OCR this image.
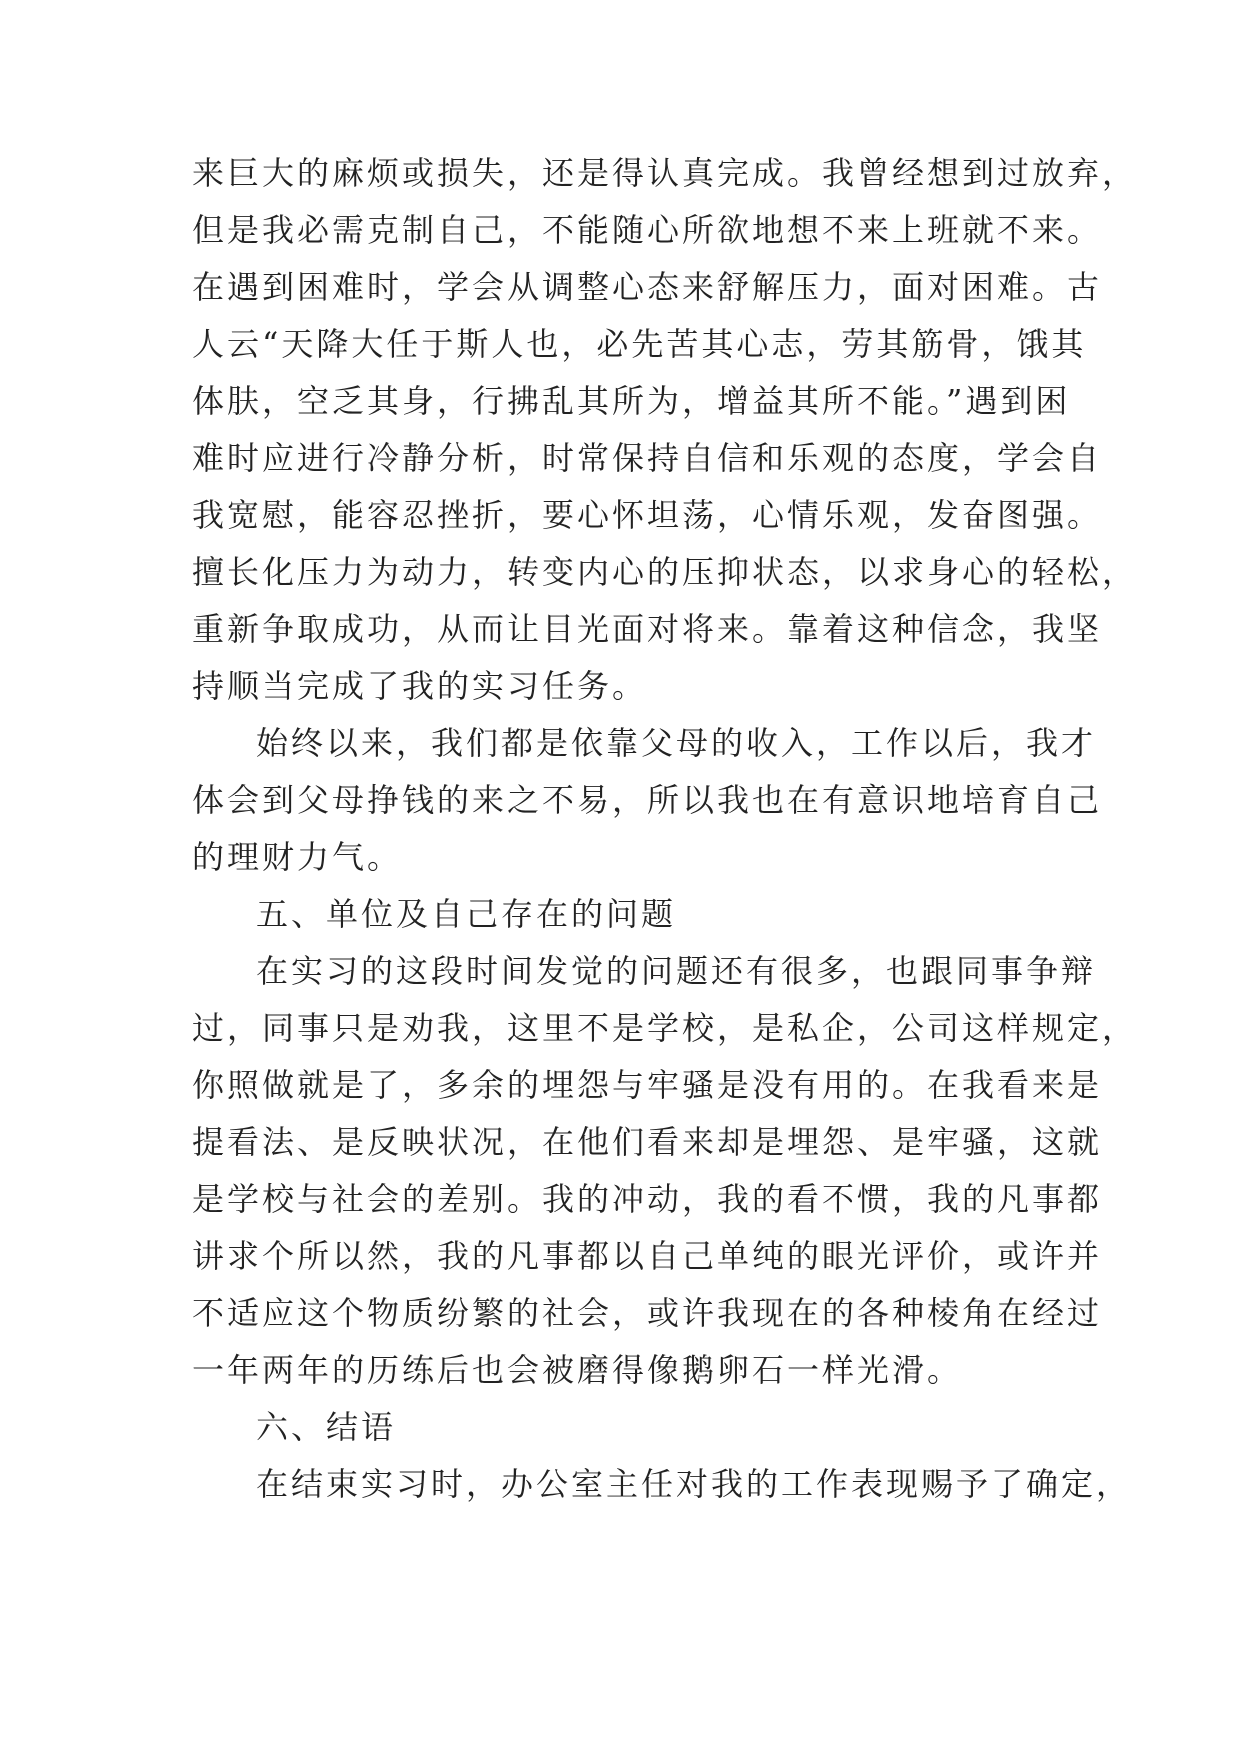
来巨大的麻烦或损失，还是得认真完成。我曾经想到过放弃，
但是我必需克制自己，不能随心所欲地想不来上班就不来。
在遇到困难时，学会从调整心态来舒解压力，面对困难。古
人云“天降大任于斯人也，必先苦其心志，劳其筋骨，饿其
体肤，空乏其身，行拂乱其所为，增益其所不能。”遇到困
难时应进行冷静分析，时常保持自信和乐观的态度，学会自
我宽慰，能容忍挫折，要心怀坦荡，心情乐观，发奋图强。
擅长化压力为动力，转变内心的压抑状态，以求身心的轻松，
重新争取成功，从而让目光面对将来。靠着这种信念，我坚
持顺当完成了我的实习任务。
始终以来，我们都是依靠父母的收入，工作以后，我才
体会到父母挣钱的来之不易，所以我也在有意识地培育自己
的理财力气。
五、单位及自己存在的问题
在实习的这段时间发觉的问题还有很多，也跟同事争辩
过，同事只是劝我，这里不是学校，是私企，公司这样规定，
你照做就是了，多余的埋怨与牢骚是没有用的。在我看来是
提看法、是反映状况，在他们看来却是埋怨、是牢骚，这就
是学校与社会的差别。我的冲动，我的看不惯，我的凡事都
讲求个所以然，我的凡事都以自己单纯的眼光评价，或许并
不适应这个物质纷繁的社会，或许我现在的各种棱角在经过
一年两年的历练后也会被磨得像鹅卵石一样光滑。
六、结语
在结束实习时，办公室主任对我的工作表现赐予了确定，
